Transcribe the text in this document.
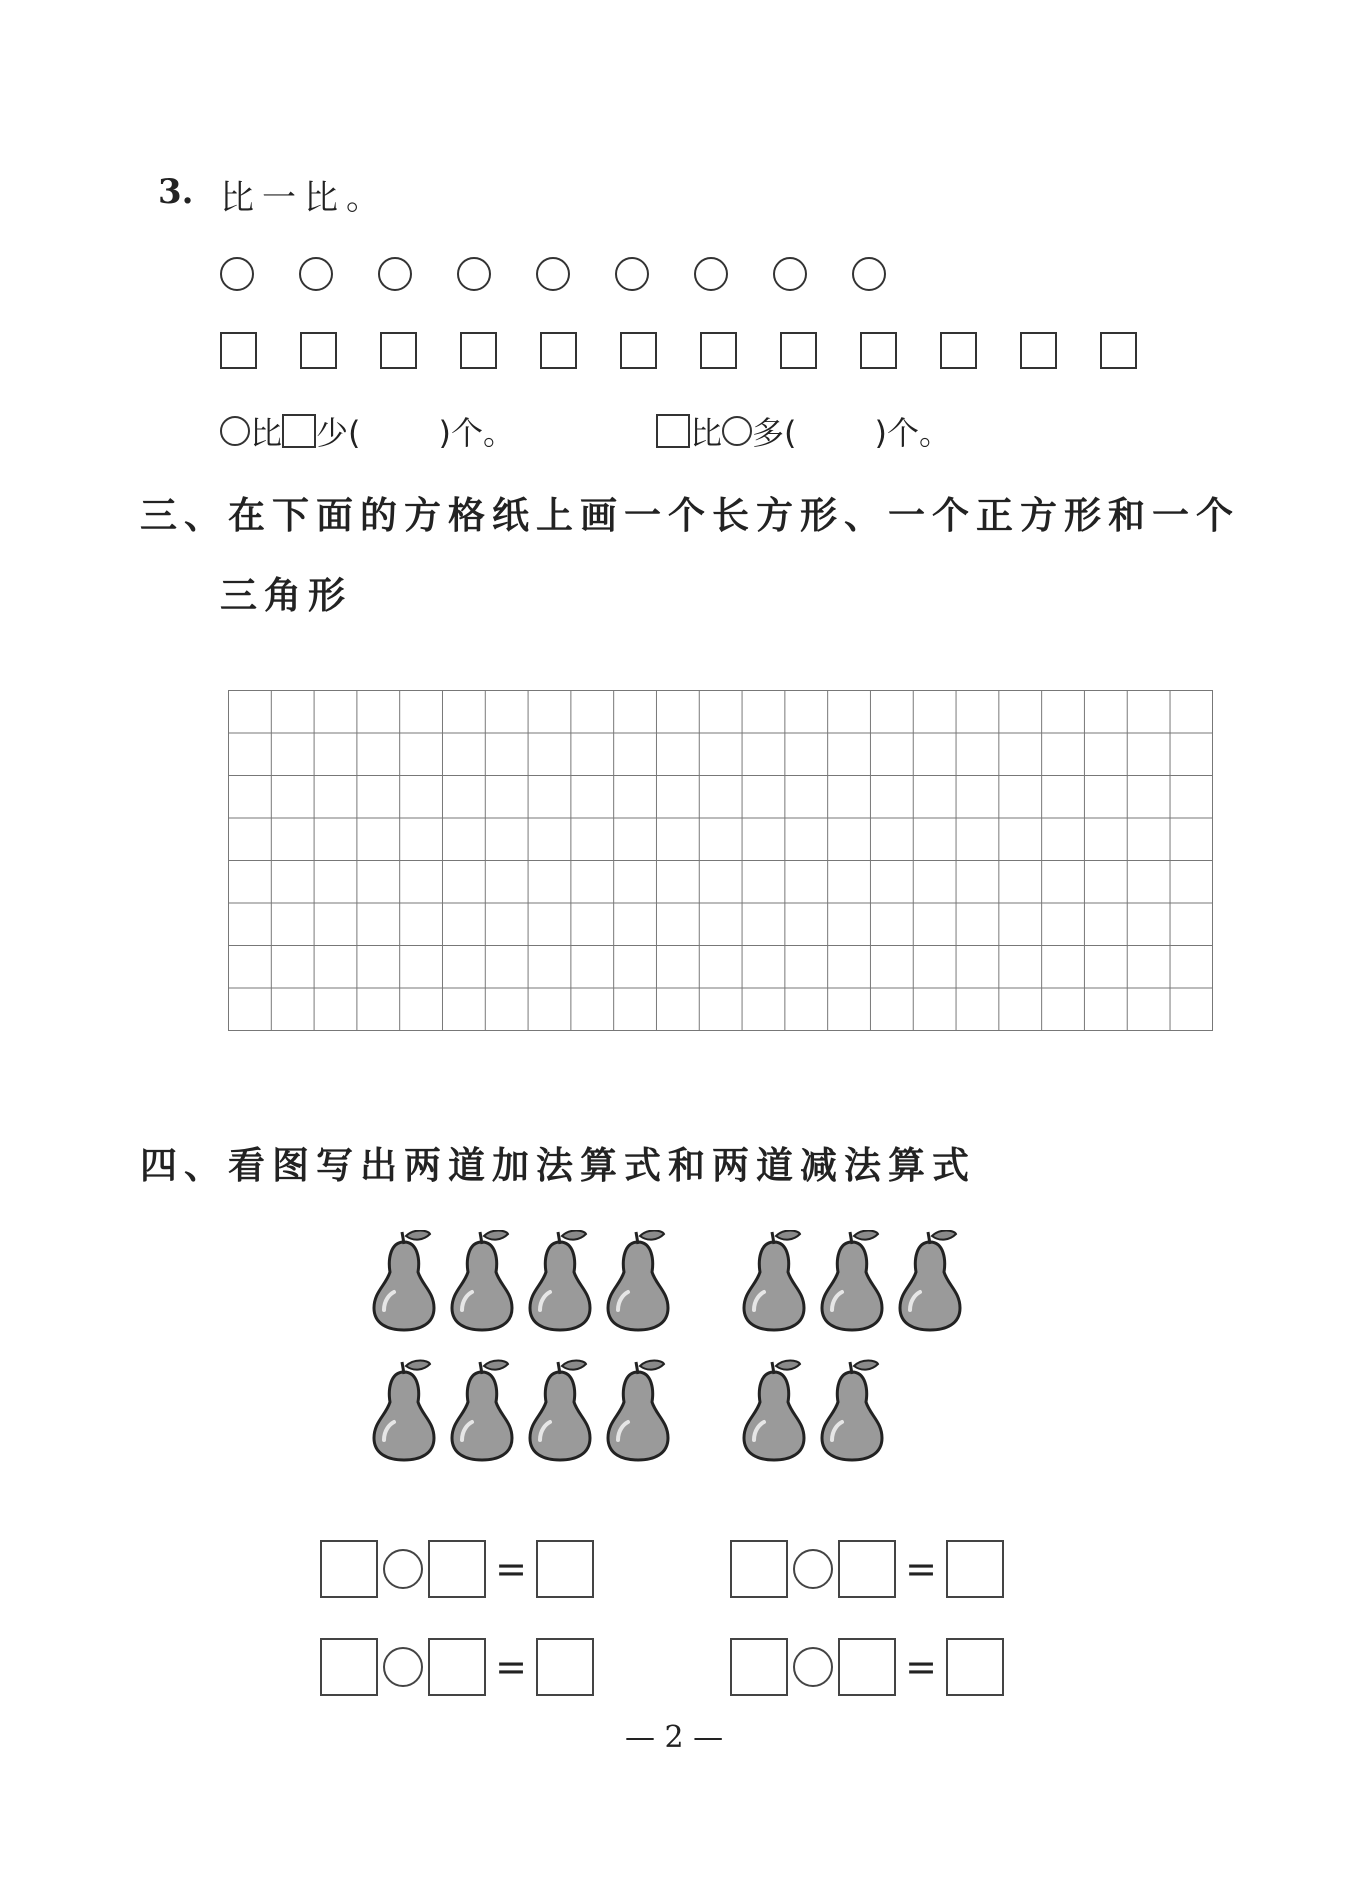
3. 比一比。
比 少( )个。	比 多( )个。
三、在下面的方格纸上画一个长方形、一个正方形和一个
三角形
四、看图写出两道加法算式和两道减法算式
=	=
=	=
— 2 —
